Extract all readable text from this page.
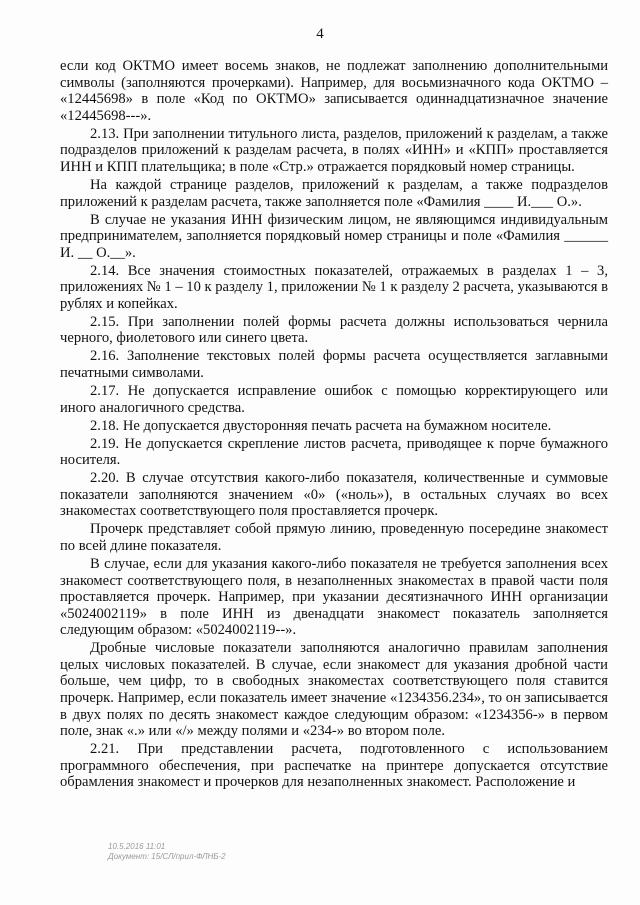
4

если код ОКТМО имеет восемь знаков, не подлежат заполнению дополнительными символы (заполняются прочерками). Например, для восьмизначного кода ОКТМО – «12445698» в поле «Код по ОКТМО» записывается одиннадцатизначное значение «12445698---».

2.13. При заполнении титульного листа, разделов, приложений к разделам, а также подразделов приложений к разделам расчета, в полях «ИНН» и «КПП» проставляется ИНН и КПП плательщика; в поле «Стр.» отражается порядковый номер страницы.

На каждой странице разделов, приложений к разделам, а также подразделов приложений к разделам расчета, также заполняется поле «Фамилия ____ И.___ О.».

В случае не указания ИНН физическим лицом, не являющимся индивидуальным предпринимателем, заполняется порядковый номер страницы и поле «Фамилия ______ И. __ О.__».

2.14. Все значения стоимостных показателей, отражаемых в разделах 1 – 3, приложениях № 1 – 10 к разделу 1, приложении № 1 к разделу 2 расчета, указываются в рублях и копейках.

2.15. При заполнении полей формы расчета должны использоваться чернила черного, фиолетового или синего цвета.

2.16. Заполнение текстовых полей формы расчета осуществляется заглавными печатными символами.

2.17. Не допускается исправление ошибок с помощью корректирующего или иного аналогичного средства.

2.18. Не допускается двусторонняя печать расчета на бумажном носителе.

2.19. Не допускается скрепление листов расчета, приводящее к порче бумажного носителя.

2.20. В случае отсутствия какого-либо показателя, количественные и суммовые показатели заполняются значением «0» («ноль»), в остальных случаях во всех знакоместах соответствующего поля проставляется прочерк.

Прочерк представляет собой прямую линию, проведенную посередине знакомест по всей длине показателя.

В случае, если для указания какого-либо показателя не требуется заполнения всех знакомест соответствующего поля, в незаполненных знакоместах в правой части поля проставляется прочерк. Например, при указании десятизначного ИНН организации «5024002119» в поле ИНН из двенадцати знакомест показатель заполняется следующим образом: «5024002119--».

Дробные числовые показатели заполняются аналогично правилам заполнения целых числовых показателей. В случае, если знакомест для указания дробной части больше, чем цифр, то в свободных знакоместах соответствующего поля ставится прочерк. Например, если показатель имеет значение «1234356.234», то он записывается в двух полях по десять знакомест каждое следующим образом: «1234356-» в первом поле, знак «.» или «/» между полями и «234-» во втором поле.

2.21. При представлении расчета, подготовленного с использованием программного обеспечения, при распечатке на принтере допускается отсутствие обрамления знакомест и прочерков для незаполненных знакомест. Расположение и

10.5.2016 11:01
Документ: 15/СЛ/прил-ФЛНБ-2
